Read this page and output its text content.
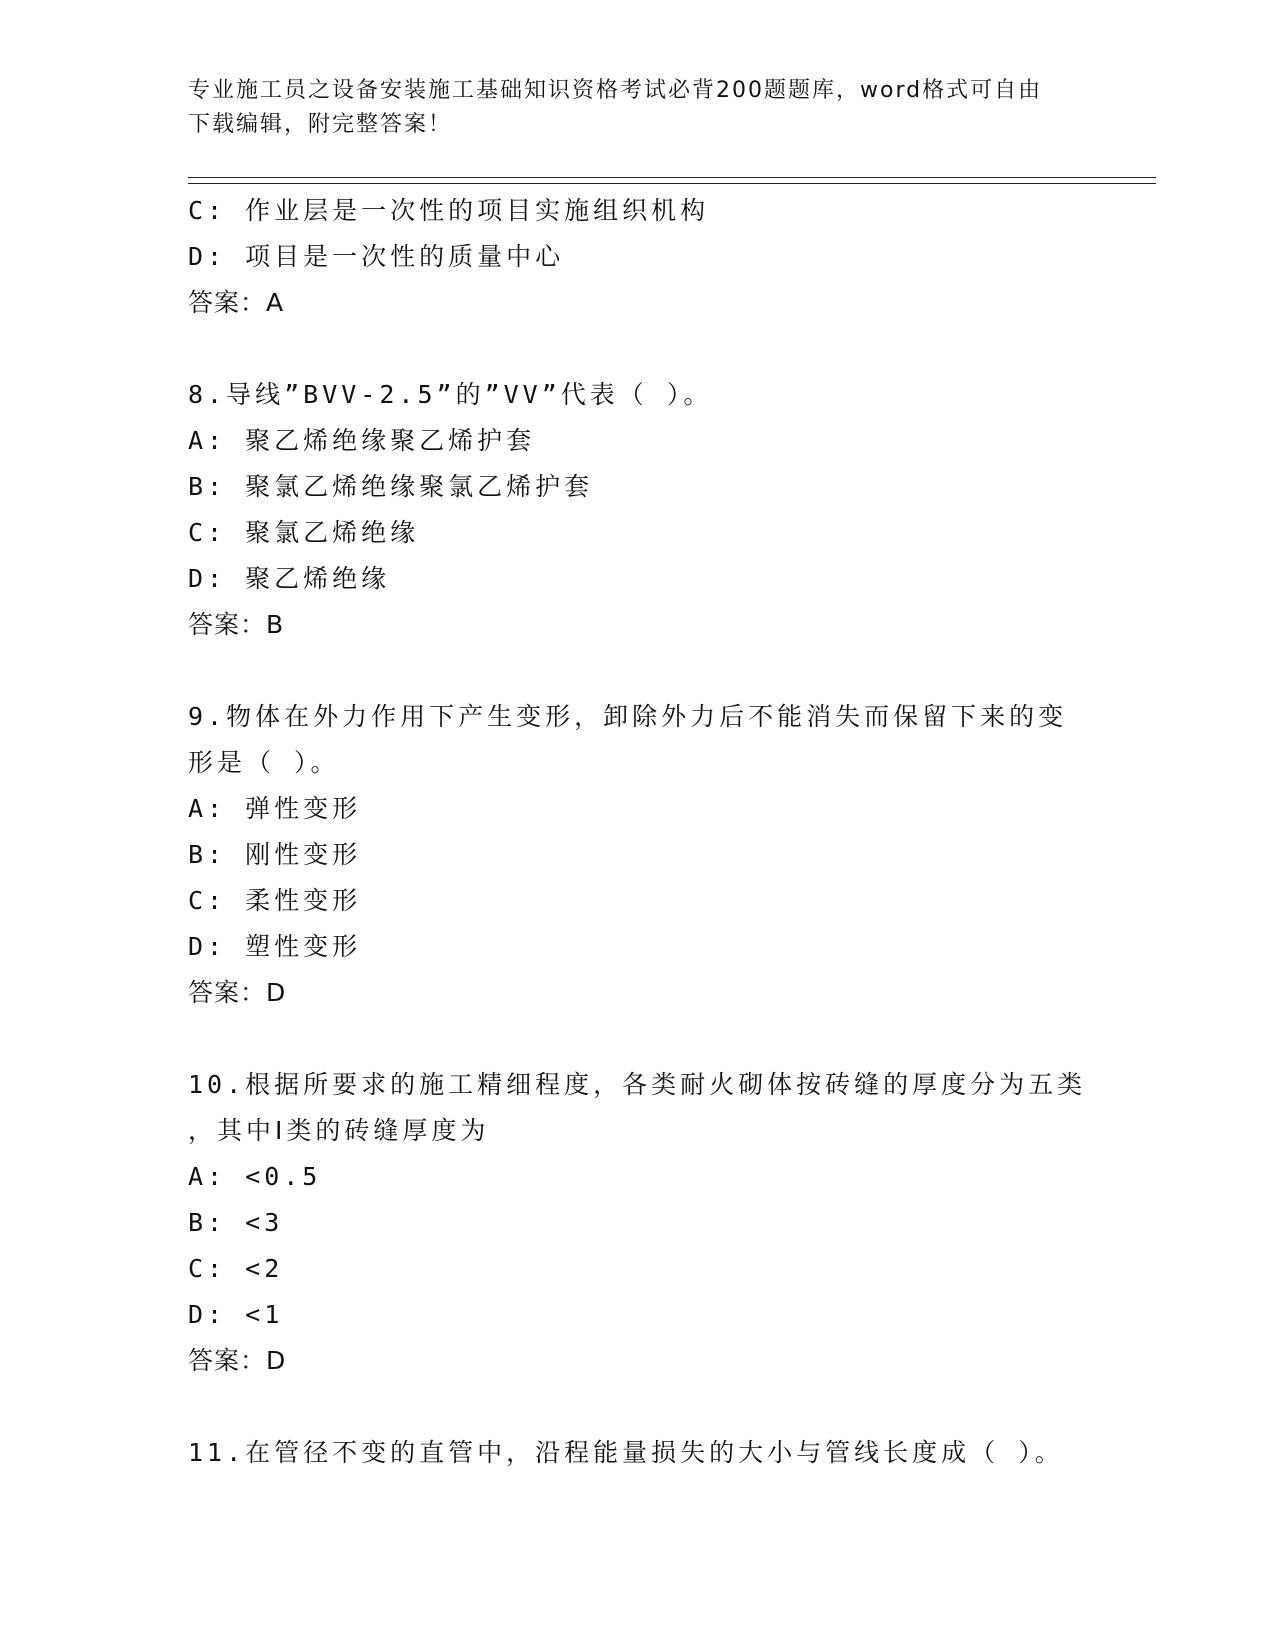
专业施工员之设备安装施工基础知识资格考试必背200题题库，word格式可自由
下载编辑，附完整答案！
C: 作业层是一次性的项目实施组织机构
D: 项目是一次性的质量中心
答案：A
8.导线”BVV-2.5”的”VV”代表（ ）。
A: 聚乙烯绝缘聚乙烯护套
B: 聚氯乙烯绝缘聚氯乙烯护套
C: 聚氯乙烯绝缘
D: 聚乙烯绝缘
答案：B
9.物体在外力作用下产生变形，卸除外力后不能消失而保留下来的变
形是（ ）。
A: 弹性变形
B: 刚性变形
C: 柔性变形
D: 塑性变形
答案：D
10.根据所要求的施工精细程度，各类耐火砌体按砖缝的厚度分为五类
，其中Ⅰ类的砖缝厚度为
A: <0.5
B: <3
C: <2
D: <1
答案：D
11.在管径不变的直管中，沿程能量损失的大小与管线长度成（ ）。
